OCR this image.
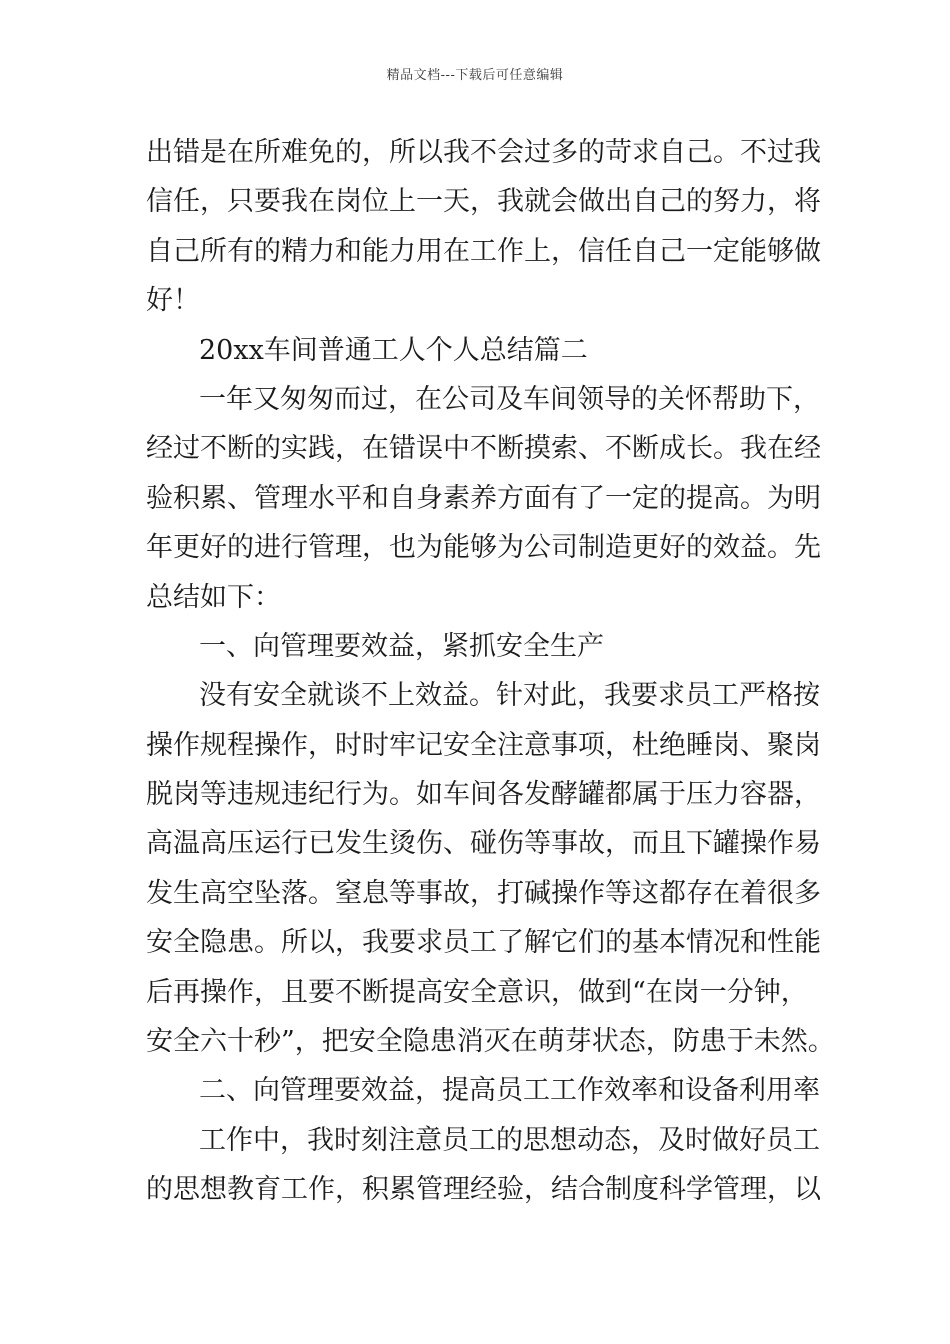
精品文档---下载后可任意编辑
出错是在所难免的，所以我不会过多的苛求自己。不过我
信任，只要我在岗位上一天，我就会做出自己的努力，将
自己所有的精力和能力用在工作上，信任自己一定能够做
好！
20xx车间普通工人个人总结篇二
一年又匆匆而过，在公司及车间领导的关怀帮助下，
经过不断的实践，在错误中不断摸索、不断成长。我在经
验积累、管理水平和自身素养方面有了一定的提高。为明
年更好的进行管理，也为能够为公司制造更好的效益。先
总结如下：
一、向管理要效益，紧抓安全生产
没有安全就谈不上效益。针对此，我要求员工严格按
操作规程操作，时时牢记安全注意事项，杜绝睡岗、聚岗
脱岗等违规违纪行为。如车间各发酵罐都属于压力容器，
高温高压运行已发生烫伤、碰伤等事故，而且下罐操作易
发生高空坠落。窒息等事故，打碱操作等这都存在着很多
安全隐患。所以，我要求员工了解它们的基本情况和性能
后再操作，且要不断提高安全意识，做到“在岗一分钟，
安全六十秒”，把安全隐患消灭在萌芽状态，防患于未然。
二、向管理要效益，提高员工工作效率和设备利用率
工作中，我时刻注意员工的思想动态，及时做好员工
的思想教育工作，积累管理经验，结合制度科学管理，以
